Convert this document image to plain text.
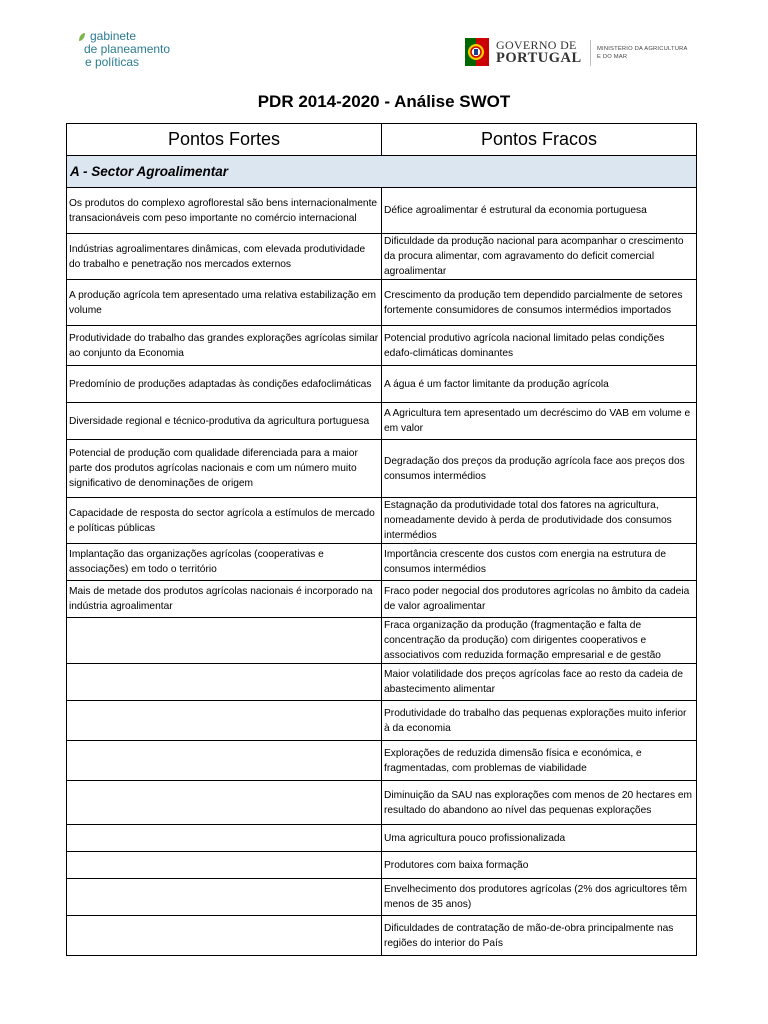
gabinete
de planeamento
e políticas
GOVERNO DE
PORTUGAL
MINISTÉRIO DA AGRICULTURA
E DO MAR
PDR 2014-2020 - Análise SWOT
Pontos Fortes	Pontos Fracos
A - Sector Agroalimentar	
Os produtos do complexo agroflorestal são bens internacionalmente transacionáveis com peso importante no comércio internacional	Défice agroalimentar é estrutural da economia portuguesa
Indústrias agroalimentares dinâmicas, com elevada produtividade do trabalho e penetração nos mercados externos	Dificuldade da produção nacional para acompanhar o crescimento da procura alimentar, com agravamento do deficit comercial agroalimentar
A produção agrícola tem apresentado uma relativa estabilização em volume	Crescimento da produção tem dependido parcialmente de setores fortemente consumidores de consumos intermédios importados
Produtividade do trabalho das grandes explorações agrícolas similar ao conjunto da Economia	Potencial produtivo agrícola nacional limitado pelas condições edafo-climáticas dominantes
Predomínio de produções adaptadas às condições edafoclimáticas	A água é um factor limitante da produção agrícola
Diversidade regional e técnico-produtiva da agricultura portuguesa	A Agricultura tem apresentado um decréscimo do VAB em volume e em valor
Potencial de produção com qualidade diferenciada para a maior parte dos produtos agrícolas nacionais e com um número muito significativo de denominações de origem	Degradação dos preços da produção agrícola face aos preços dos consumos intermédios
Capacidade de resposta do sector agrícola a estímulos de mercado e políticas públicas	Estagnação da produtividade total dos fatores na agricultura, nomeadamente devido à perda de produtividade dos consumos intermédios
Implantação das organizações agrícolas (cooperativas e associações) em todo o território	Importância crescente dos custos com energia na estrutura de consumos intermédios
Mais de metade dos produtos agrícolas nacionais é incorporado na indústria agroalimentar	Fraco poder negocial dos produtores agrícolas no âmbito da cadeia de valor agroalimentar
	Fraca organização da produção (fragmentação e falta de concentração da produção) com dirigentes cooperativos e associativos com reduzida formação empresarial e de gestão
	Maior volatilidade dos preços agrícolas face ao resto da cadeia de abastecimento alimentar
	Produtividade do trabalho das pequenas explorações muito inferior à da economia
	Explorações de reduzida dimensão física e económica, e fragmentadas, com problemas de viabilidade
	Diminuição da SAU nas explorações com menos de 20 hectares em resultado do abandono ao nível das pequenas explorações
	Uma agricultura pouco profissionalizada
	Produtores com baixa formação
	Envelhecimento dos produtores agrícolas (2% dos agricultores têm menos de 35 anos)
	Dificuldades de contratação de mão-de-obra principalmente nas regiões do interior do País
